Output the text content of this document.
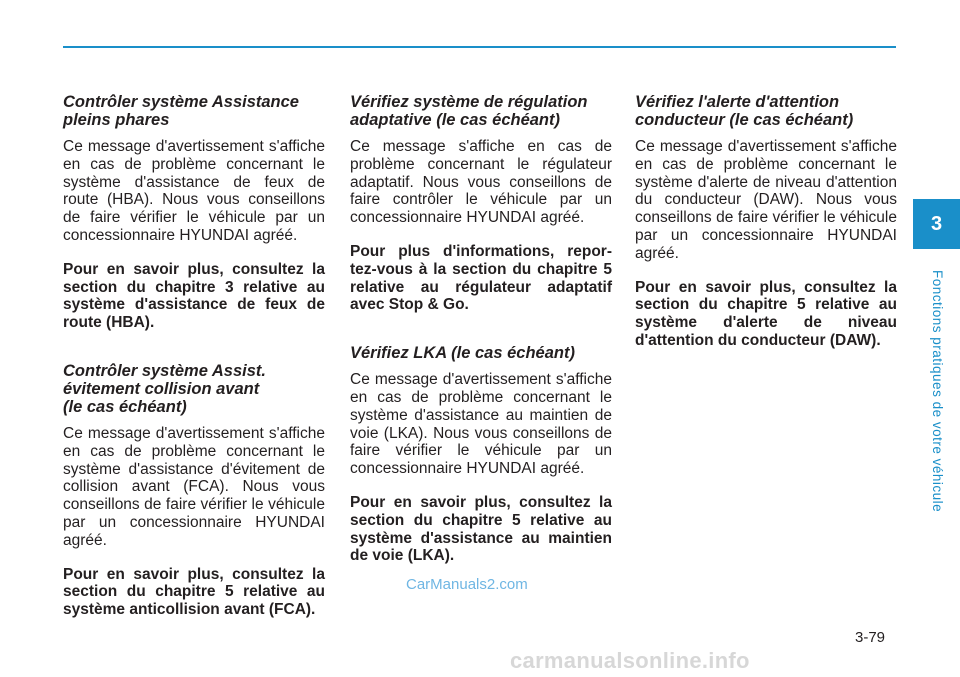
Contrôler système Assistance
pleins phares

Ce message d'avertissement s'affiche en cas de problème concernant le système d'assistance de feux de route (HBA). Nous vous conseillons de faire vérifier le véhicule par un concessionnaire HYUNDAI agréé.

Pour en savoir plus, consultez la section du chapitre 3 relative au système d'assistance de feux de route (HBA).

Contrôler système Assist.
évitement collision avant
(le cas échéant)

Ce message d'avertissement s'affiche en cas de problème concernant le système d'assistance d'évitement de collision avant (FCA). Nous vous conseillons de faire vérifier le véhicule par un concessionnaire HYUNDAI agréé.

Pour en savoir plus, consultez la section du chapitre 5 relative au système anticollision avant (FCA).

Vérifiez système de régulation
adaptative (le cas échéant)

Ce message s'affiche en cas de problème concernant le régulateur adaptatif. Nous vous conseillons de faire contrôler le véhicule par un concessionnaire HYUNDAI agréé.

Pour plus d'informations, repor-tez-vous à la section du chapitre 5 relative au régulateur adaptatif avec Stop & Go.

Vérifiez LKA (le cas échéant)

Ce message d'avertissement s'affiche en cas de problème concernant le système d'assistance au maintien de voie (LKA). Nous vous conseillons de faire vérifier le véhicule par un concessionnaire HYUNDAI agréé.

Pour en savoir plus, consultez la section du chapitre 5 relative au système d'assistance au maintien de voie (LKA).

Vérifiez l'alerte d'attention
conducteur (le cas échéant)

Ce message d'avertissement s'affiche en cas de problème concernant le système d'alerte de niveau d'attention du conducteur (DAW). Nous vous conseillons de faire vérifier le véhicule par un concessionnaire HYUNDAI agréé.

Pour en savoir plus, consultez la section du chapitre 5 relative au système d'alerte de niveau d'attention du conducteur (DAW).

3
Fonctions pratiques de votre véhicule
CarManuals2.com
3-79
carmanualsonline.info
